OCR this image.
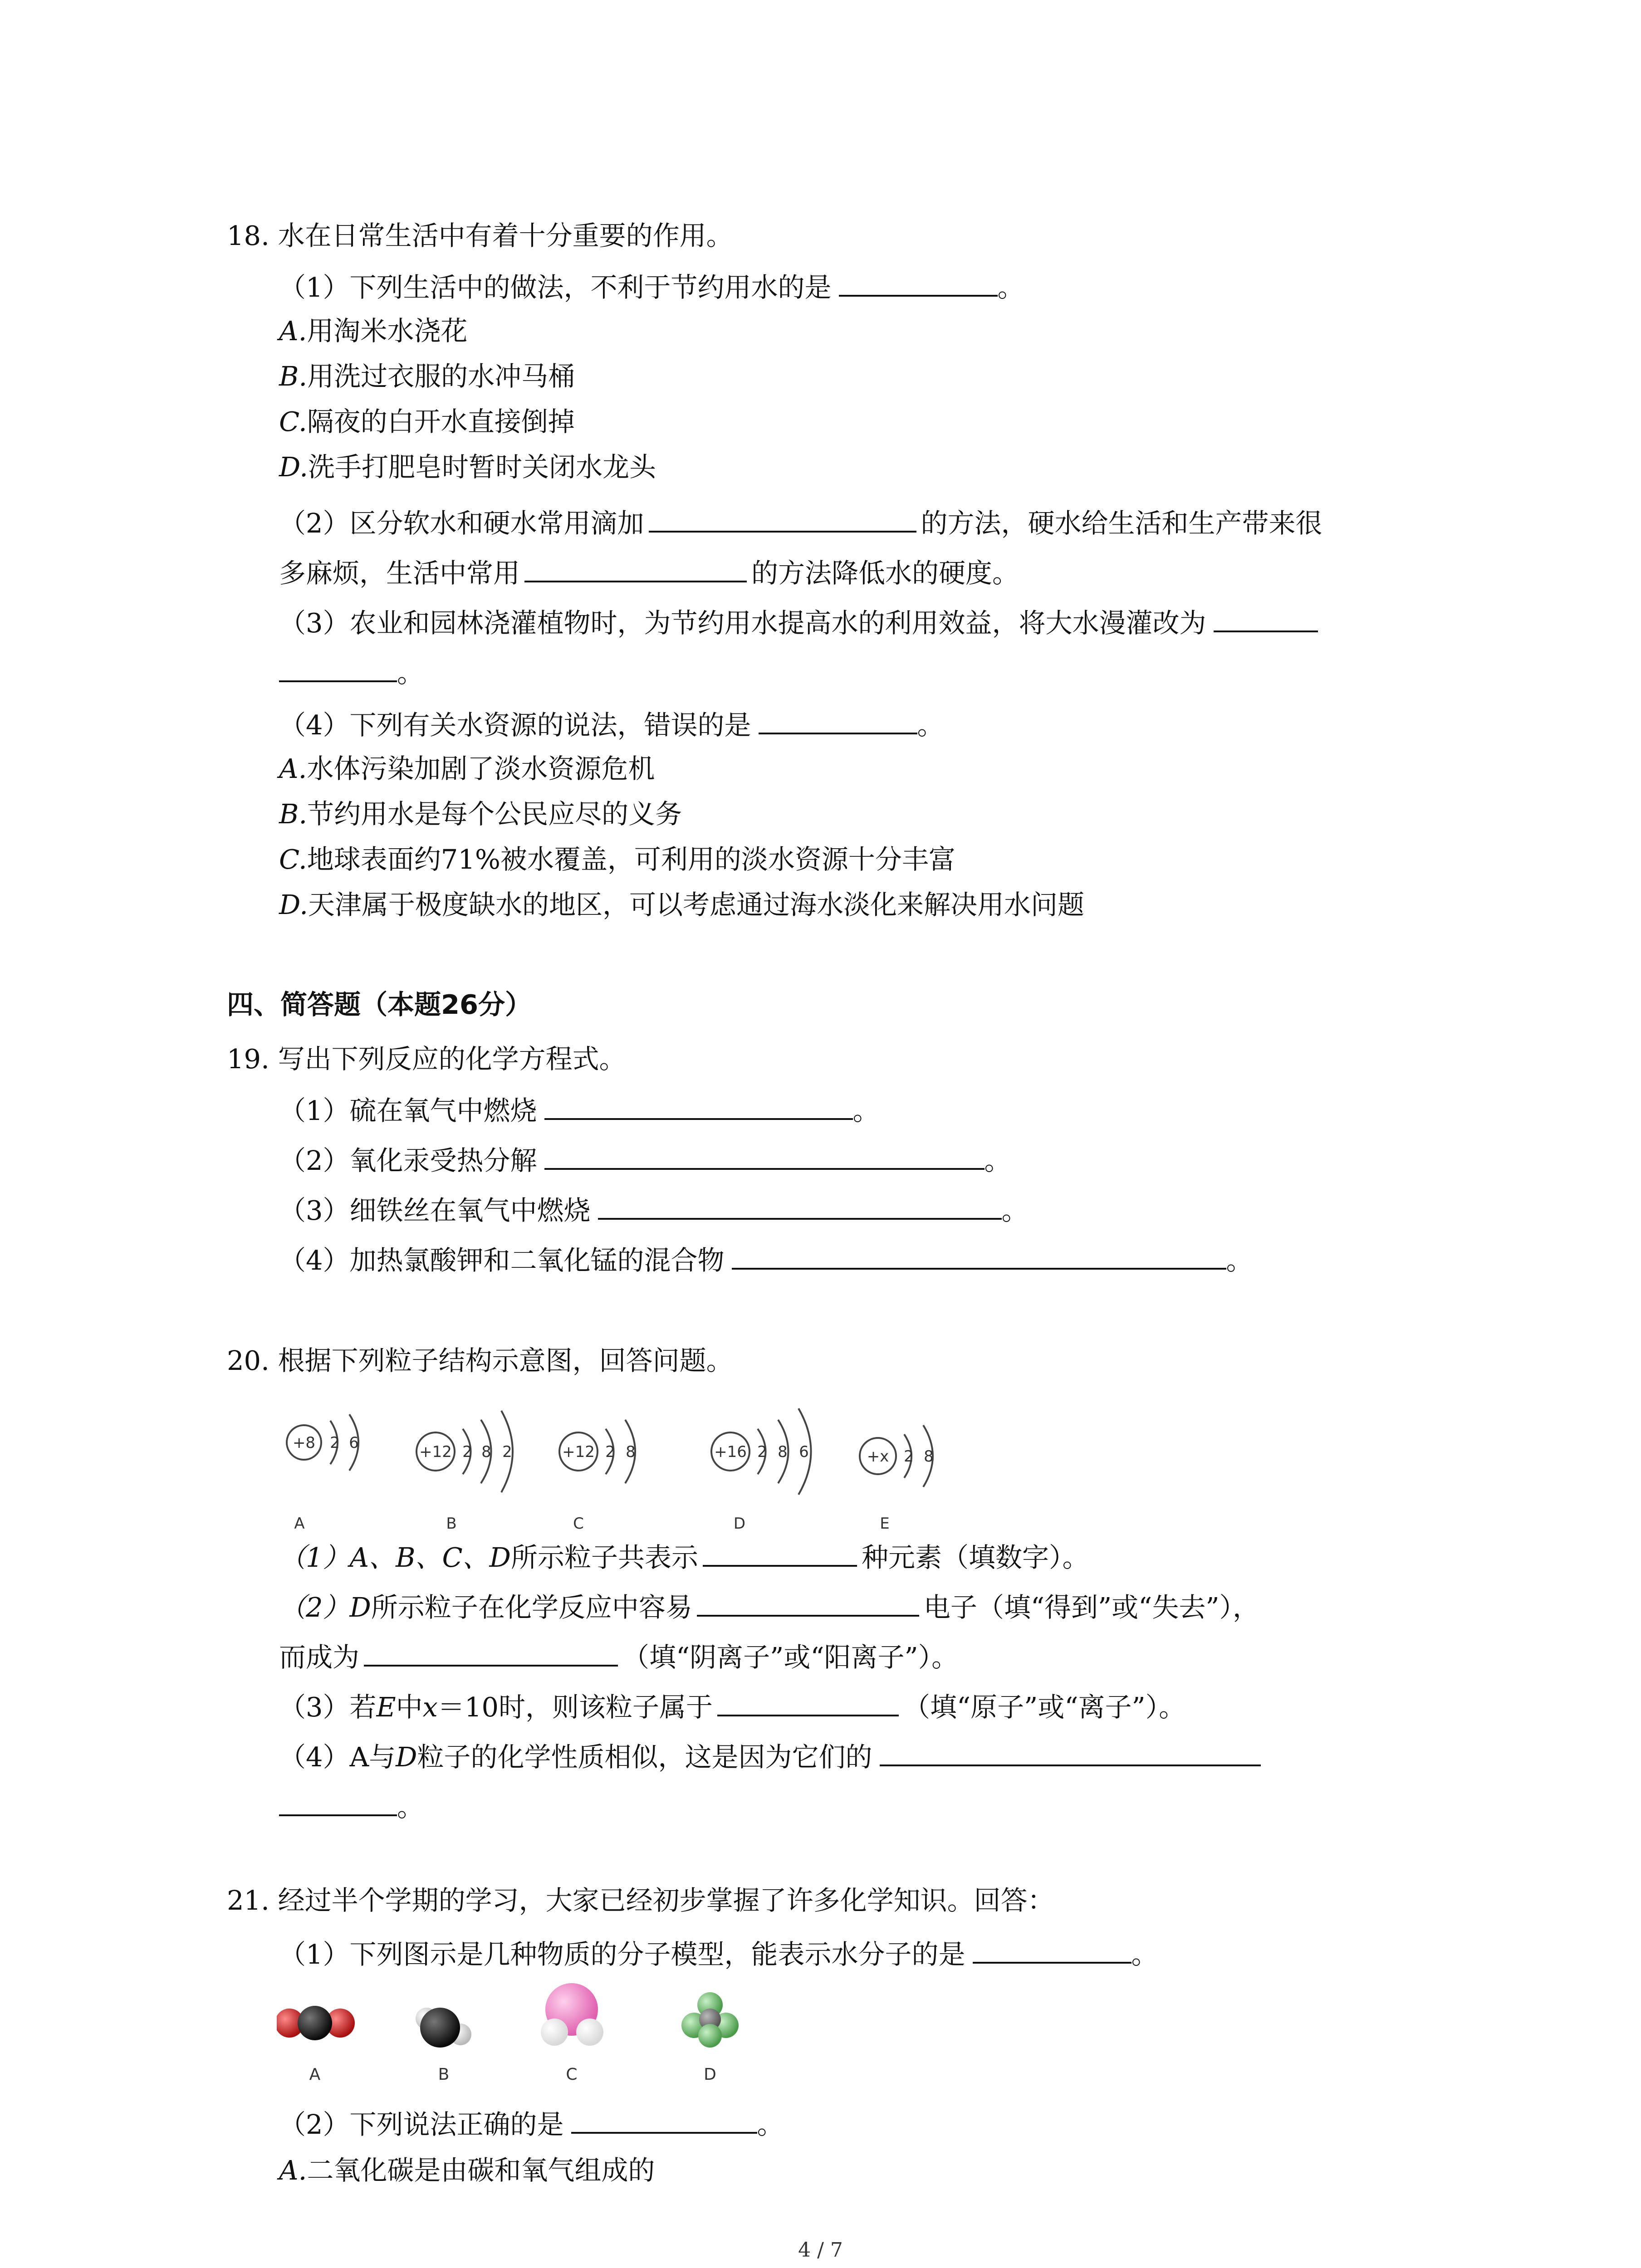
18. 水在日常生活中有着十分重要的作用。
（1）下列生活中的做法，不利于节约用水的是	。
A.用淘米水浇花
B.用洗过衣服的水冲马桶
C.隔夜的白开水直接倒掉
D.洗手打肥皂时暂时关闭水龙头
（2）区分软水和硬水常用滴加	的方法，硬水给生活和生产带来很
多麻烦，生活中常用	的方法降低水的硬度。
（3）农业和园林浇灌植物时，为节约用水提高水的利用效益，将大水漫灌改为
。
（4）下列有关水资源的说法，错误的是	。
A.水体污染加剧了淡水资源危机
B.节约用水是每个公民应尽的义务
C.地球表面约71%被水覆盖，可利用的淡水资源十分丰富
D.天津属于极度缺水的地区，可以考虑通过海水淡化来解决用水问题
四、简答题（本题26分）
19. 写出下列反应的化学方程式。
（1）硫在氧气中燃烧	。
（2）氧化汞受热分解	。
（3）细铁丝在氧气中燃烧	。
（4）加热氯酸钾和二氧化锰的混合物	。
20. 根据下列粒子结构示意图，回答问题。
+8 2 6
A
+12 2 8 2
B
+12 2 8
C
+16 2 8 6
D
+x 2 8
E
（1）A、B、C、D所示粒子共表示	种元素（填数字）。
（2）D所示粒子在化学反应中容易	电子（填“得到”或“失去”），
而成为	（填“阴离子”或“阳离子”）。
（3）若E中x＝10时，则该粒子属于	（填“原子”或“离子”）。
（4）A与D粒子的化学性质相似，这是因为它们的
。
21. 经过半个学期的学习，大家已经初步掌握了许多化学知识。回答：
（1）下列图示是几种物质的分子模型，能表示水分子的是	。
A	B	C	D
（2）下列说法正确的是	。
A.二氧化碳是由碳和氧气组成的
4 / 7
